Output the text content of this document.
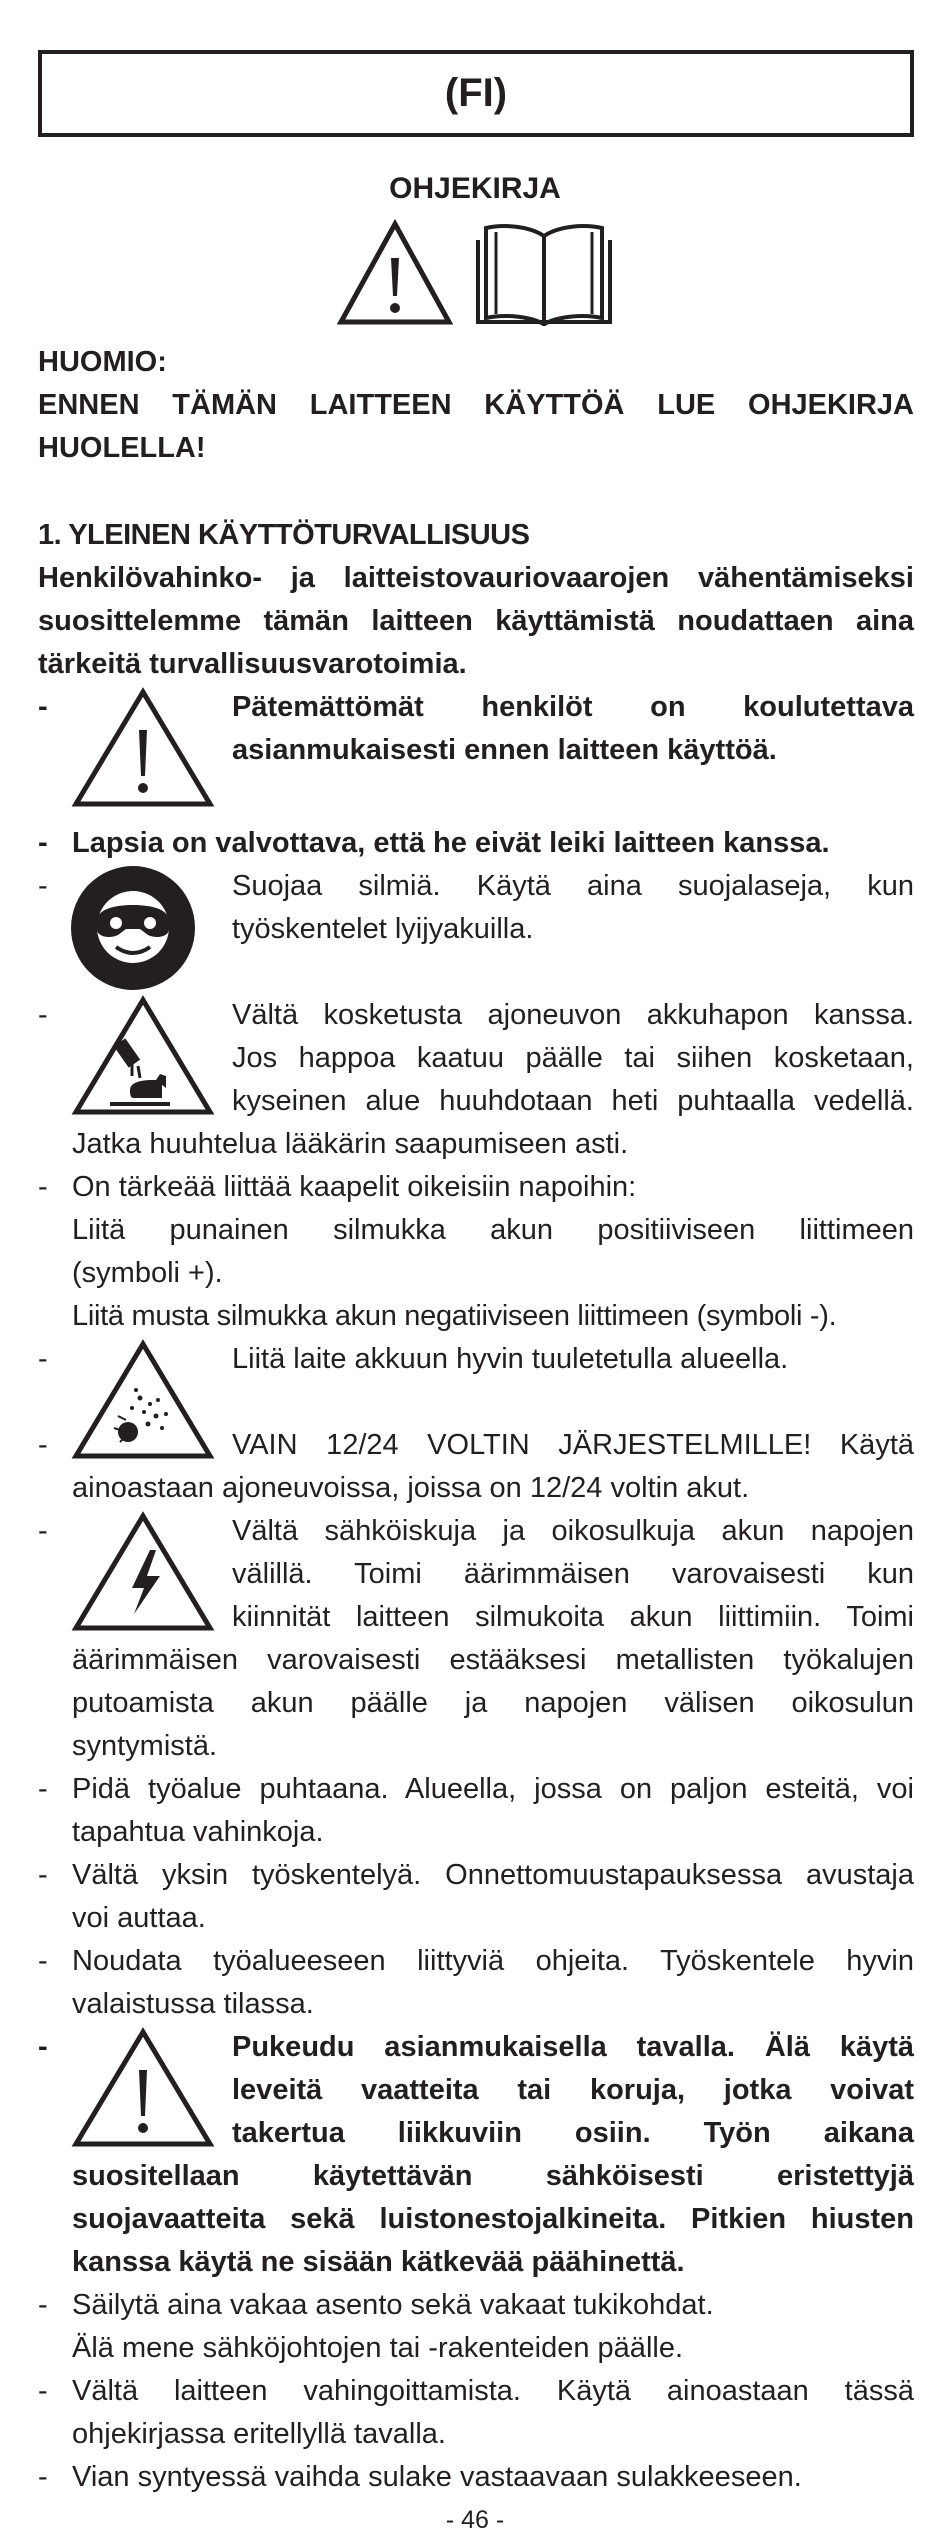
(FI)
OHJEKIRJA
HUOMIO:
ENNEN TÄMÄN LAITTEEN KÄYTTÖÄ LUE OHJEKIRJA
HUOLELLA!
1. YLEINEN KÄYTTÖTURVALLISUUS
Henkilövahinko- ja laitteistovauriovaarojen vähentämiseksi
suosittelemme tämän laitteen käyttämistä noudattaen aina
tärkeitä turvallisuusvarotoimia.
-	Pätemättömät henkilöt on koulutettava
asianmukaisesti ennen laitteen käyttöä.
- Lapsia on valvottava, että he eivät leiki laitteen kanssa.
-	Suojaa silmiä. Käytä aina suojalaseja, kun
työskentelet lyijyakuilla.
-	Vältä kosketusta ajoneuvon akkuhapon kanssa.
Jos happoa kaatuu päälle tai siihen kosketaan,
kyseinen alue huuhdotaan heti puhtaalla vedellä.
Jatka huuhtelua lääkärin saapumiseen asti.
- On tärkeää liittää kaapelit oikeisiin napoihin:
Liitä punainen silmukka akun positiiviseen liittimeen
(symboli +).
Liitä musta silmukka akun negatiiviseen liittimeen (symboli -).
-	Liitä laite akkuun hyvin tuuletetulla alueella.
-	VAIN 12/24 VOLTIN JÄRJESTELMILLE! Käytä
ainoastaan ajoneuvoissa, joissa on 12/24 voltin akut.
-	Vältä sähköiskuja ja oikosulkuja akun napojen
välillä. Toimi äärimmäisen varovaisesti kun
kiinnität laitteen silmukoita akun liittimiin. Toimi
äärimmäisen varovaisesti estääksesi metallisten työkalujen
putoamista akun päälle ja napojen välisen oikosulun
syntymistä.
- Pidä työalue puhtaana. Alueella, jossa on paljon esteitä, voi
tapahtua vahinkoja.
- Vältä yksin työskentelyä. Onnettomuustapauksessa avustaja
voi auttaa.
- Noudata työalueeseen liittyviä ohjeita. Työskentele hyvin
valaistussa tilassa.
-	Pukeudu asianmukaisella tavalla. Älä käytä
leveitä vaatteita tai koruja, jotka voivat
takertua liikkuviin osiin. Työn aikana
suositellaan käytettävän sähköisesti eristettyjä
suojavaatteita sekä luistonestojalkineita. Pitkien hiusten
kanssa käytä ne sisään kätkevää päähinettä.
- Säilytä aina vakaa asento sekä vakaat tukikohdat.
Älä mene sähköjohtojen tai -rakenteiden päälle.
- Vältä laitteen vahingoittamista. Käytä ainoastaan tässä
ohjekirjassa eritellyllä tavalla.
- Vian syntyessä vaihda sulake vastaavaan sulakkeeseen.
- 46 -
